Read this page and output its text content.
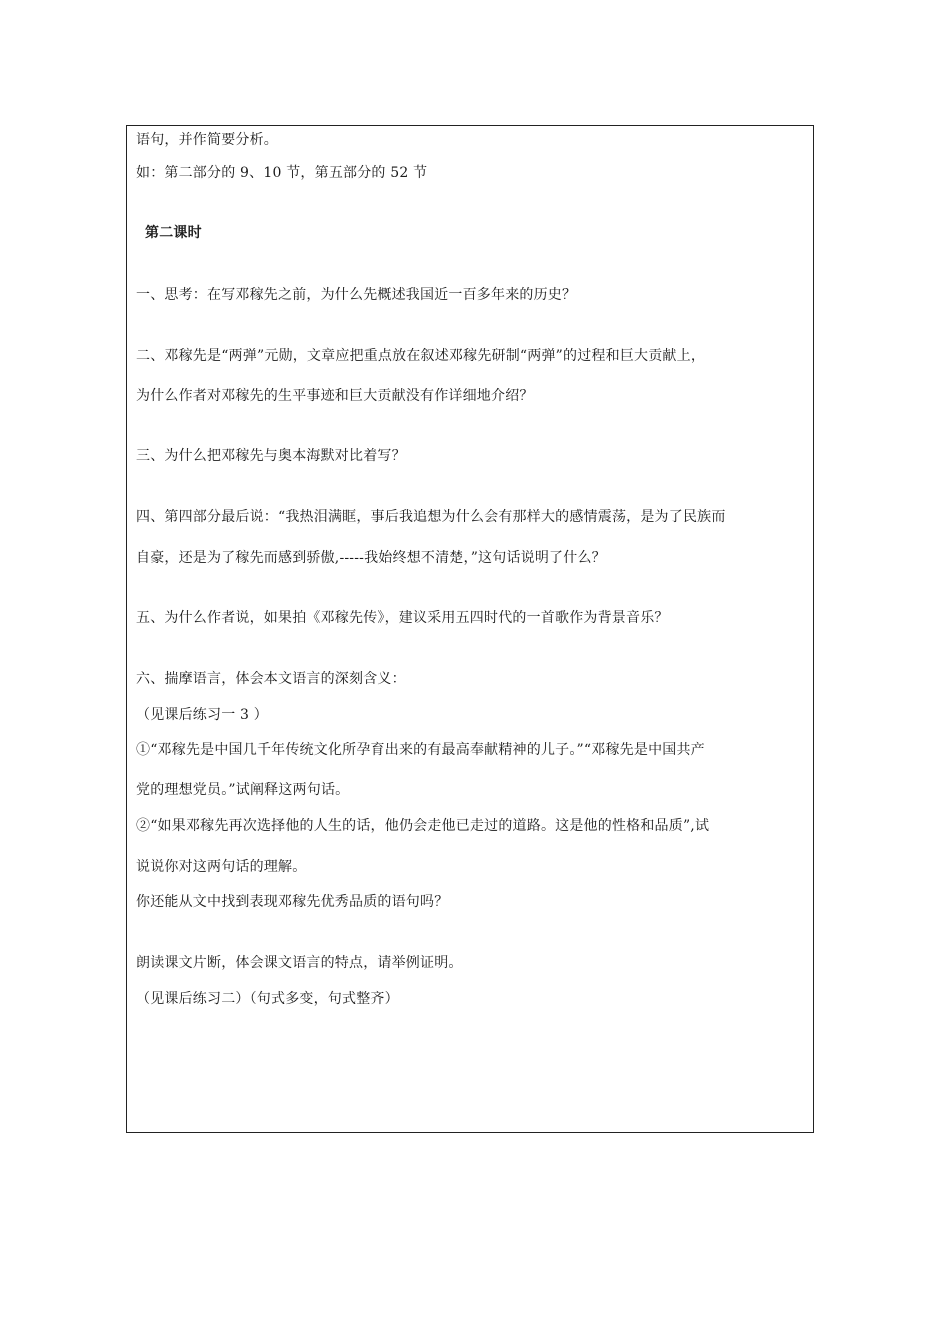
语句，并作简要分析。
如：第二部分的 9、10 节，第五部分的 52 节
第二课时
一、思考：在写邓稼先之前，为什么先概述我国近一百多年来的历史？
二、邓稼先是“两弹”元勋，文章应把重点放在叙述邓稼先研制“两弹”的过程和巨大贡献上，
为什么作者对邓稼先的生平事迹和巨大贡献没有作详细地介绍？
三、为什么把邓稼先与奥本海默对比着写？
四、第四部分最后说：“我热泪满眶，事后我追想为什么会有那样大的感情震荡，是为了民族而
自豪，还是为了稼先而感到骄傲,-----我始终想不清楚，”这句话说明了什么？
五、为什么作者说，如果拍《邓稼先传》，建议采用五四时代的一首歌作为背景音乐？
六、揣摩语言，体会本文语言的深刻含义：
（见课后练习一 3 ）
①“邓稼先是中国几千年传统文化所孕育出来的有最高奉献精神的儿子。”“邓稼先是中国共产
党的理想党员。”试阐释这两句话。
②“如果邓稼先再次选择他的人生的话，他仍会走他已走过的道路。这是他的性格和品质”,试
说说你对这两句话的理解。
你还能从文中找到表现邓稼先优秀品质的语句吗？
朗读课文片断，体会课文语言的特点，请举例证明。
（见课后练习二）（句式多变，句式整齐）
